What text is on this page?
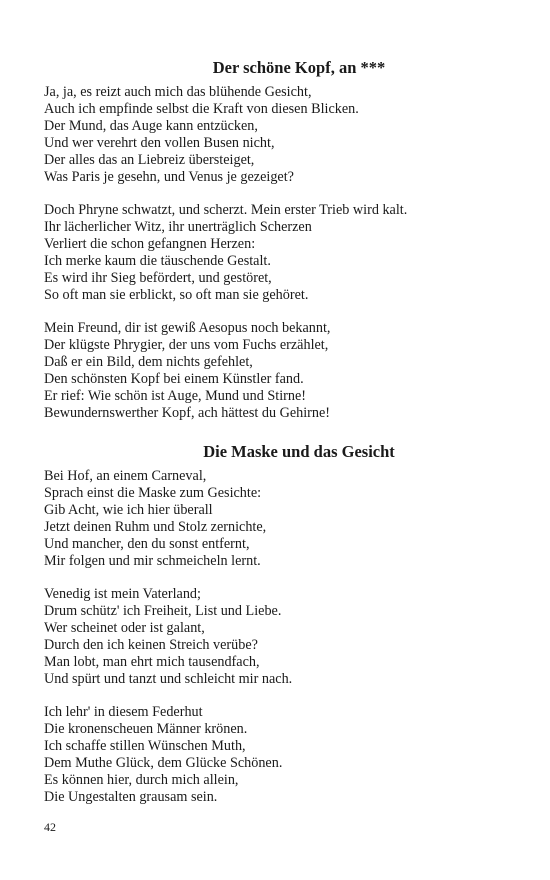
Der schöne Kopf, an ***
Ja, ja, es reizt auch mich das blühende Gesicht,
Auch ich empfinde selbst die Kraft von diesen Blicken.
Der Mund, das Auge kann entzücken,
Und wer verehrt den vollen Busen nicht,
Der alles das an Liebreiz übersteiget,
Was Paris je gesehn, und Venus je gezeiget?
Doch Phryne schwatzt, und scherzt. Mein erster Trieb wird kalt.
Ihr lächerlicher Witz, ihr unerträglich Scherzen
Verliert die schon gefangnen Herzen:
Ich merke kaum die täuschende Gestalt.
Es wird ihr Sieg befördert, und gestöret,
So oft man sie erblickt, so oft man sie gehöret.
Mein Freund, dir ist gewiß Aesopus noch bekannt,
Der klügste Phrygier, der uns vom Fuchs erzählet,
Daß er ein Bild, dem nichts gefehlet,
Den schönsten Kopf bei einem Künstler fand.
Er rief: Wie schön ist Auge, Mund und Stirne!
Bewundernswerther Kopf, ach hättest du Gehirne!
Die Maske und das Gesicht
Bei Hof, an einem Carneval,
Sprach einst die Maske zum Gesichte:
Gib Acht, wie ich hier überall
Jetzt deinen Ruhm und Stolz zernichte,
Und mancher, den du sonst entfernt,
Mir folgen und mir schmeicheln lernt.
Venedig ist mein Vaterland;
Drum schütz' ich Freiheit, List und Liebe.
Wer scheinet oder ist galant,
Durch den ich keinen Streich verübe?
Man lobt, man ehrt mich tausendfach,
Und spürt und tanzt und schleicht mir nach.
Ich lehr' in diesem Federhut
Die kronenscheuen Männer krönen.
Ich schaffe stillen Wünschen Muth,
Dem Muthe Glück, dem Glücke Schönen.
Es können hier, durch mich allein,
Die Ungestalten grausam sein.
42
